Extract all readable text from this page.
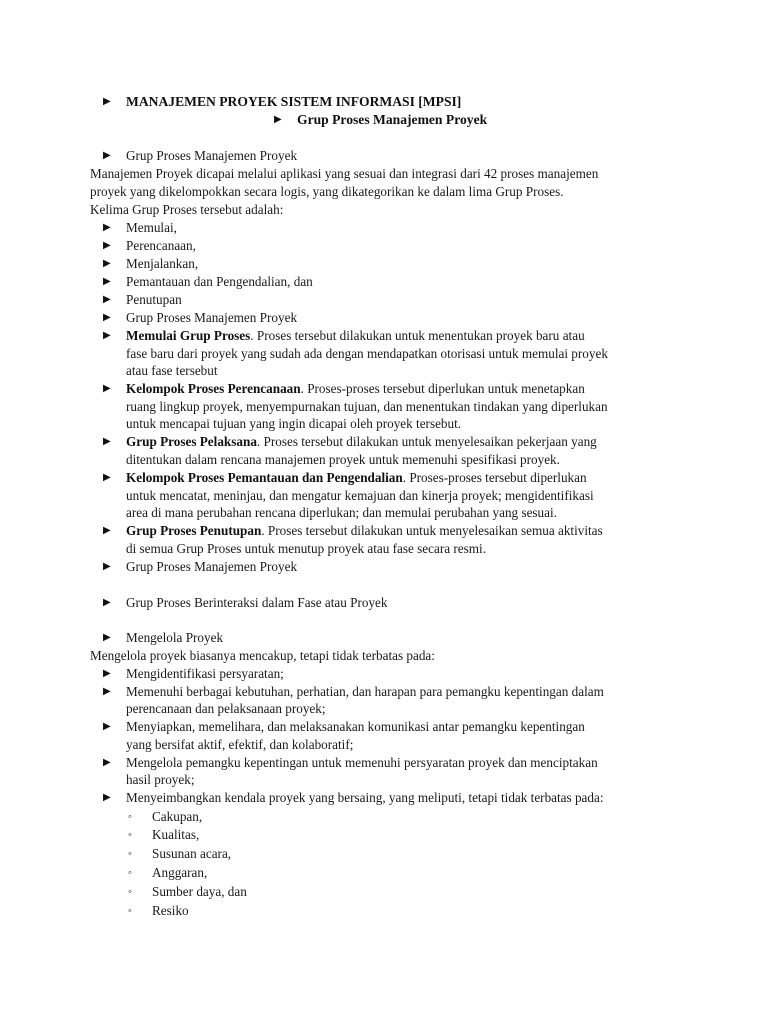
▶ MANAJEMEN PROYEK SISTEM INFORMASI [MPSI]
▶ Grup Proses Manajemen Proyek
▶ Grup Proses Manajemen Proyek
Manajemen Proyek dicapai melalui aplikasi yang sesuai dan integrasi dari 42 proses manajemen
proyek yang dikelompokkan secara logis, yang dikategorikan ke dalam lima Grup Proses.
Kelima Grup Proses tersebut adalah:
▶ Memulai,
▶ Perencanaan,
▶ Menjalankan,
▶ Pemantauan dan Pengendalian, dan
▶ Penutupan
▶ Grup Proses Manajemen Proyek
▶ Memulai Grup Proses. Proses tersebut dilakukan untuk menentukan proyek baru atau
fase baru dari proyek yang sudah ada dengan mendapatkan otorisasi untuk memulai proyek
atau fase tersebut
▶ Kelompok Proses Perencanaan. Proses-proses tersebut diperlukan untuk menetapkan
ruang lingkup proyek, menyempurnakan tujuan, dan menentukan tindakan yang diperlukan
untuk mencapai tujuan yang ingin dicapai oleh proyek tersebut.
▶ Grup Proses Pelaksana. Proses tersebut dilakukan untuk menyelesaikan pekerjaan yang
ditentukan dalam rencana manajemen proyek untuk memenuhi spesifikasi proyek.
▶ Kelompok Proses Pemantauan dan Pengendalian. Proses-proses tersebut diperlukan
untuk mencatat, meninjau, dan mengatur kemajuan dan kinerja proyek; mengidentifikasi
area di mana perubahan rencana diperlukan; dan memulai perubahan yang sesuai.
▶ Grup Proses Penutupan. Proses tersebut dilakukan untuk menyelesaikan semua aktivitas
di semua Grup Proses untuk menutup proyek atau fase secara resmi.
▶ Grup Proses Manajemen Proyek
▶ Grup Proses Berinteraksi dalam Fase atau Proyek
▶ Mengelola Proyek
Mengelola proyek biasanya mencakup, tetapi tidak terbatas pada:
▶ Mengidentifikasi persyaratan;
▶ Memenuhi berbagai kebutuhan, perhatian, dan harapan para pemangku kepentingan dalam
perencanaan dan pelaksanaan proyek;
▶ Menyiapkan, memelihara, dan melaksanakan komunikasi antar pemangku kepentingan
yang bersifat aktif, efektif, dan kolaboratif;
▶ Mengelola pemangku kepentingan untuk memenuhi persyaratan proyek dan menciptakan
hasil proyek;
▶ Menyeimbangkan kendala proyek yang bersaing, yang meliputi, tetapi tidak terbatas pada:
◦ Cakupan,
◦ Kualitas,
◦ Susunan acara,
◦ Anggaran,
◦ Sumber daya, dan
◦ Resiko
